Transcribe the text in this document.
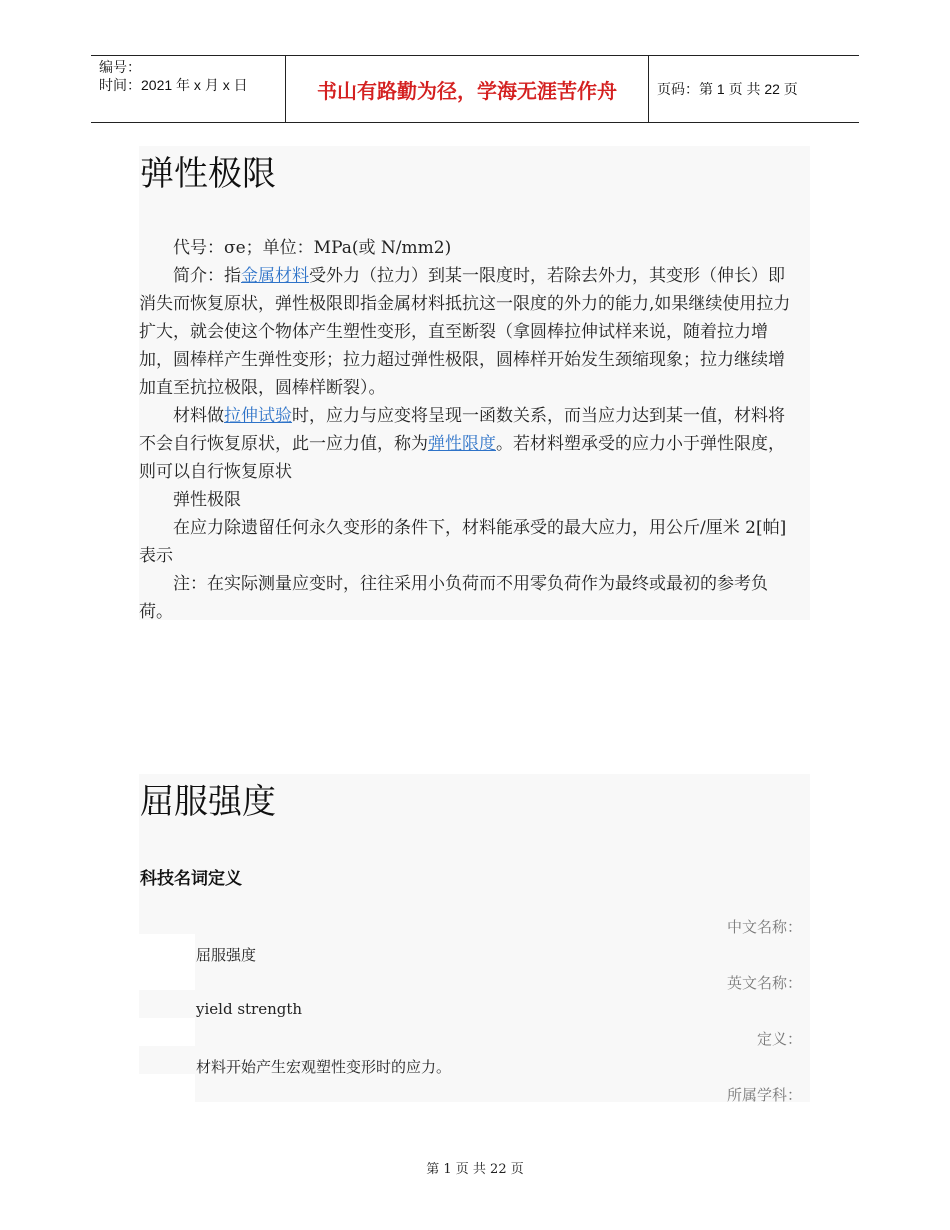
编号：
时间：2021 年 x 月 x 日	书山有路勤为径，学海无涯苦作舟	页码：第 1 页 共 22 页
弹性极限

代号：σe；单位：MPa(或 N/mm2)

简介：指金属材料受外力（拉力）到某一限度时，若除去外力，其变形（伸长）即消失而恢复原状，弹性极限即指金属材料抵抗这一限度的外力的能力,如果继续使用拉力扩大，就会使这个物体产生塑性变形，直至断裂（拿圆棒拉伸试样来说，随着拉力增加，圆棒样产生弹性变形；拉力超过弹性极限，圆棒样开始发生颈缩现象；拉力继续增加直至抗拉极限，圆棒样断裂）。

材料做拉伸试验时，应力与应变将呈现一函数关系，而当应力达到某一值，材料将不会自行恢复原状，此一应力值，称为弹性限度。若材料塑承受的应力小于弹性限度，则可以自行恢复原状

弹性极限

在应力除遗留任何永久变形的条件下，材料能承受的最大应力，用公斤/厘米 2[帕]表示

注：在实际测量应变时，往往采用小负荷而不用零负荷作为最终或最初的参考负荷。

屈服强度
科技名词定义
中文名称：
屈服强度
英文名称：
yield strength
定义：
材料开始产生宏观塑性变形时的应力。
所属学科：
第 1 页 共 22 页
